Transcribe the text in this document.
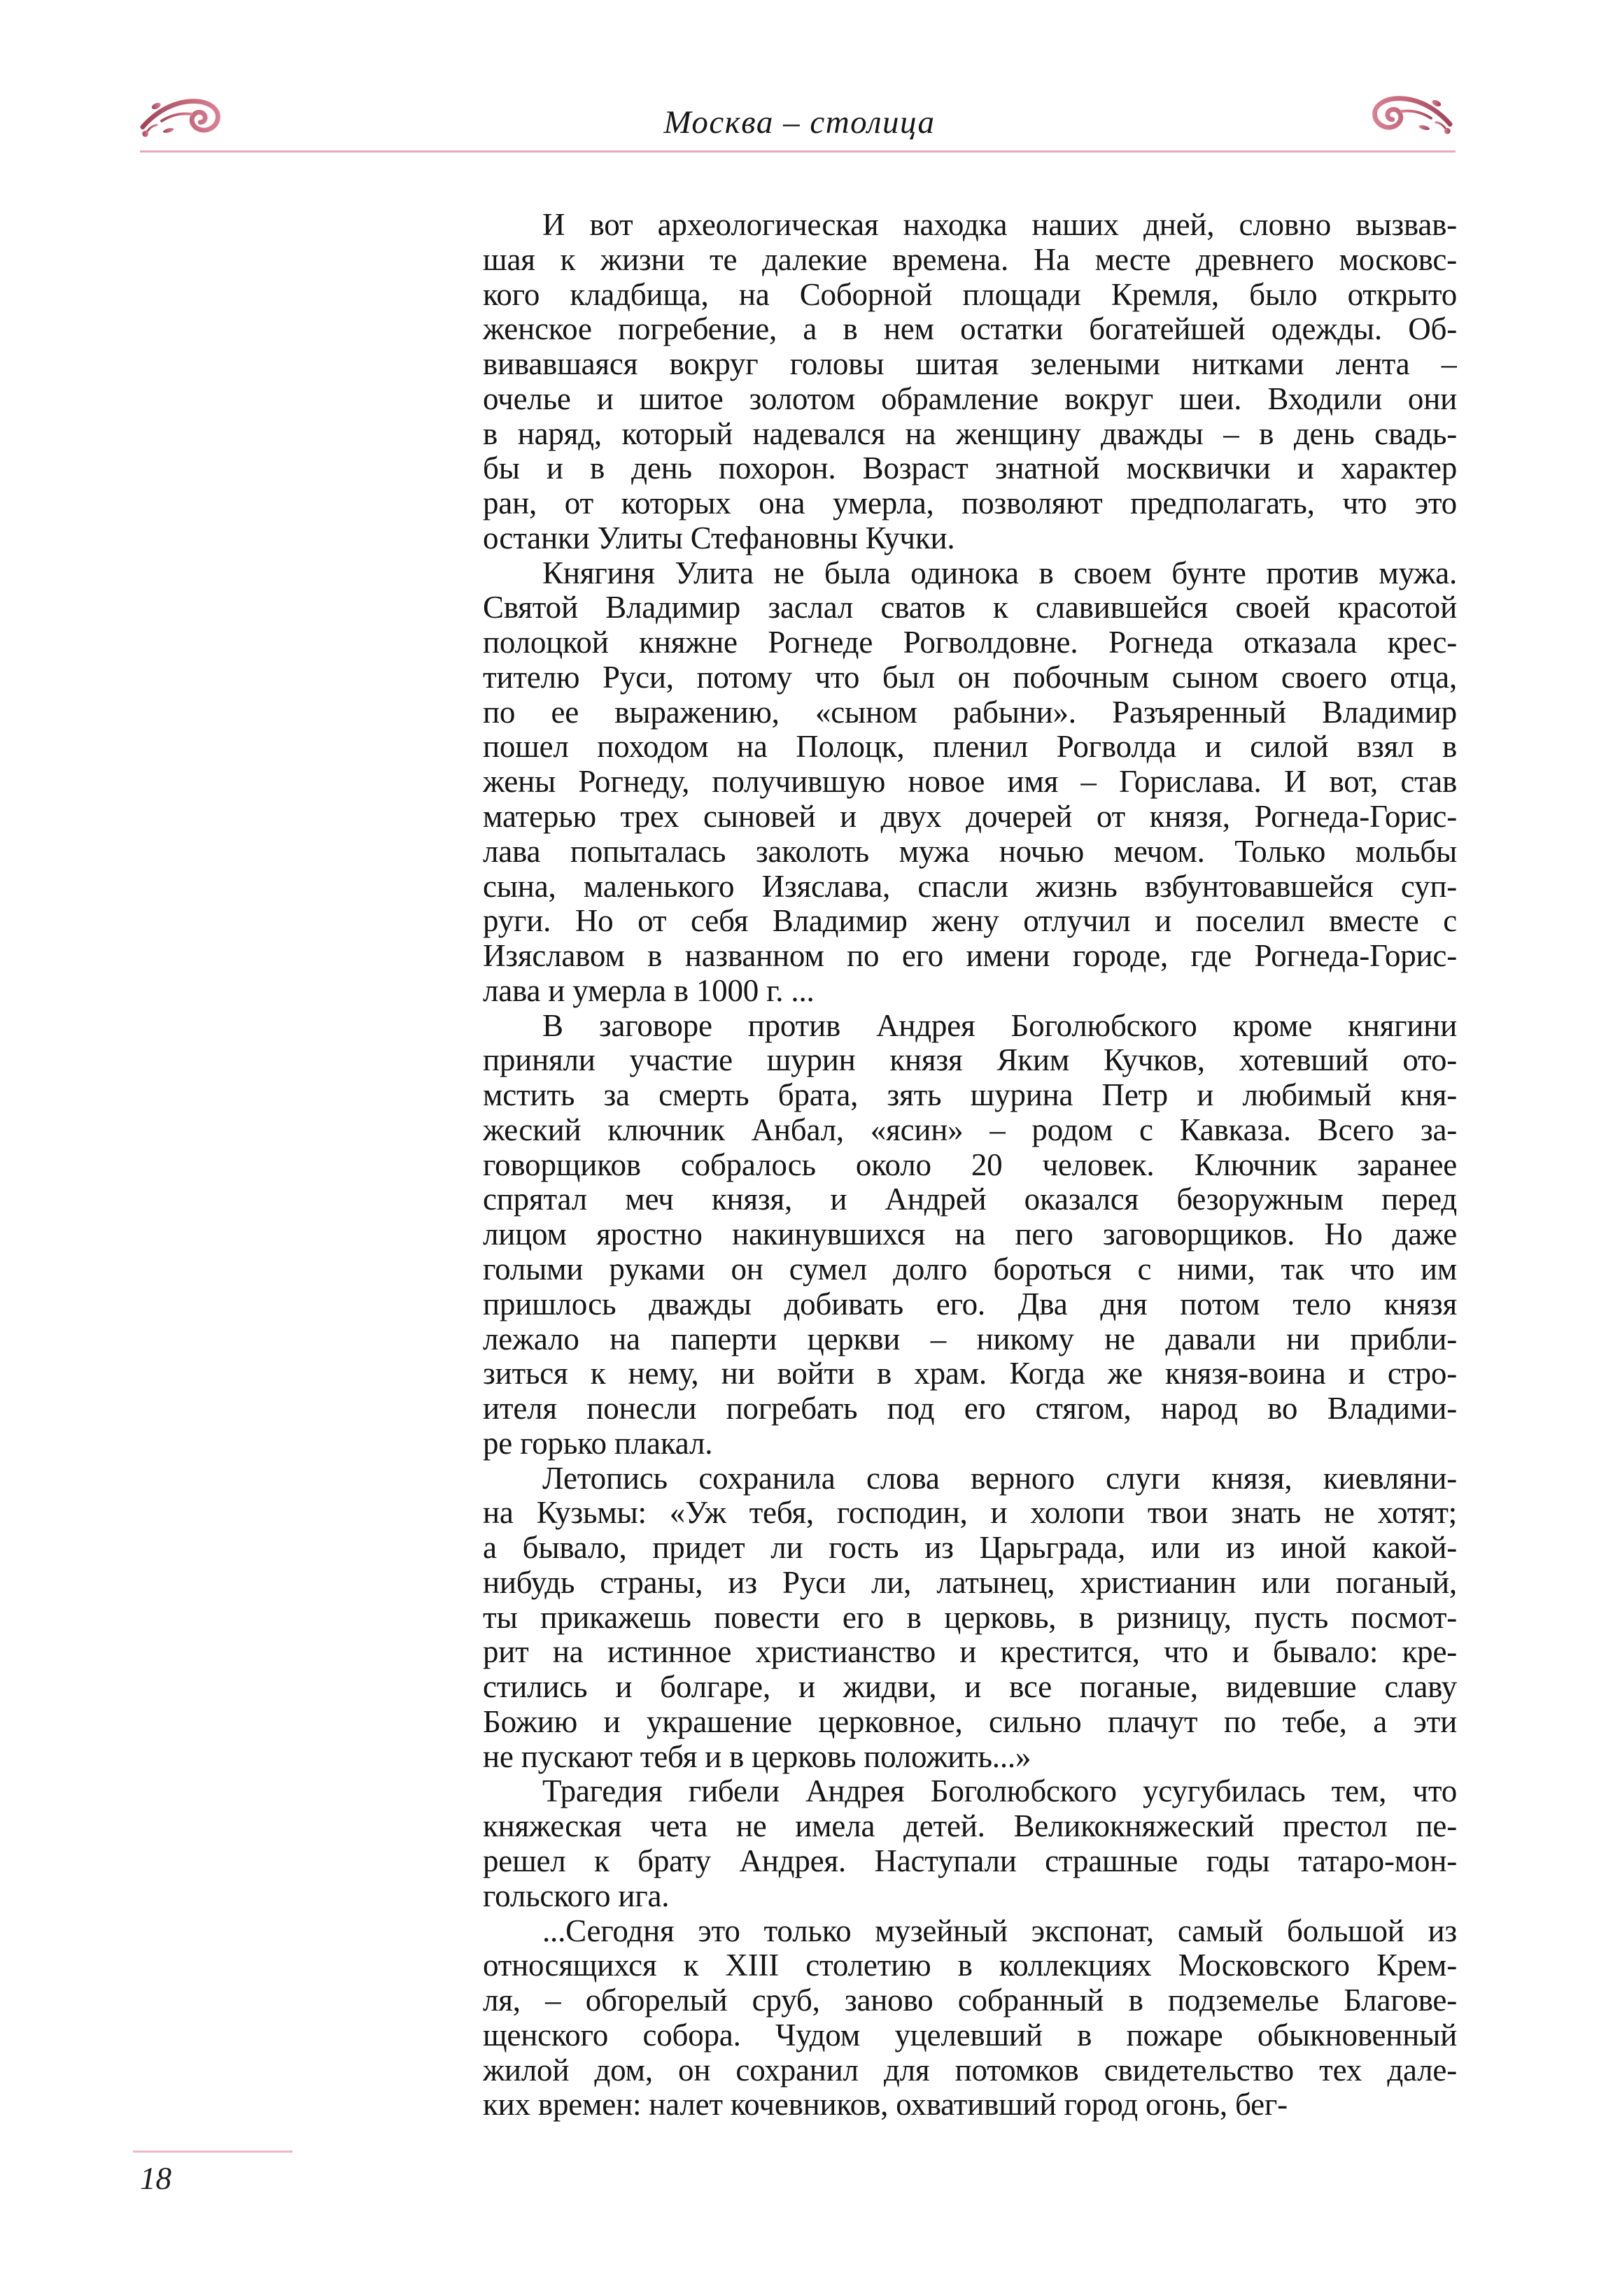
Москва – столица
И вот археологическая находка наших дней, словно вызвав-
шая к жизни те далекие времена. На месте древнего московс-
кого кладбища, на Соборной площади Кремля, было открыто
женское погребение, а в нем остатки богатейшей одежды. Об-
вивавшаяся вокруг головы шитая зелеными нитками лента –
очелье и шитое золотом обрамление вокруг шеи. Входили они
в наряд, который надевался на женщину дважды – в день свадь-
бы и в день похорон. Возраст знатной москвички и характер
ран, от которых она умерла, позволяют предполагать, что это
останки Улиты Стефановны Кучки.
Княгиня Улита не была одинока в своем бунте против мужа.
Святой Владимир заслал сватов к славившейся своей красотой
полоцкой княжне Рогнеде Рогволдовне. Рогнеда отказала крес-
тителю Руси, потому что был он побочным сыном своего отца,
по ее выражению, «сыном рабыни». Разъяренный Владимир
пошел походом на Полоцк, пленил Рогволда и силой взял в
жены Рогнеду, получившую новое имя – Горислава. И вот, став
матерью трех сыновей и двух дочерей от князя, Рогнеда-Горис-
лава попыталась заколоть мужа ночью мечом. Только мольбы
сына, маленького Изяслава, спасли жизнь взбунтовавшейся суп-
руги. Но от себя Владимир жену отлучил и поселил вместе с
Изяславом в названном по его имени городе, где Рогнеда-Горис-
лава и умерла в 1000 г. ...
В заговоре против Андрея Боголюбского кроме княгини
приняли участие шурин князя Яким Кучков, хотевший ото-
мстить за смерть брата, зять шурина Петр и любимый кня-
жеский ключник Анбал, «ясин» – родом с Кавказа. Всего за-
говорщиков собралось около 20 человек. Ключник заранее
спрятал меч князя, и Андрей оказался безоружным перед
лицом яростно накинувшихся на пего заговорщиков. Но даже
голыми руками он сумел долго бороться с ними, так что им
пришлось дважды добивать его. Два дня потом тело князя
лежало на паперти церкви – никому не давали ни прибли-
зиться к нему, ни войти в храм. Когда же князя-воина и стро-
ителя понесли погребать под его стягом, народ во Владими-
ре горько плакал.
Летопись сохранила слова верного слуги князя, киевляни-
на Кузьмы: «Уж тебя, господин, и холопи твои знать не хотят;
а бывало, придет ли гость из Царьграда, или из иной какой-
нибудь страны, из Руси ли, латынец, христианин или поганый,
ты прикажешь повести его в церковь, в ризницу, пусть посмот-
рит на истинное христианство и крестится, что и бывало: кре-
стились и болгаре, и жидви, и все поганые, видевшие славу
Божию и украшение церковное, сильно плачут по тебе, а эти
не пускают тебя и в церковь положить...»
Трагедия гибели Андрея Боголюбского усугубилась тем, что
княжеская чета не имела детей. Великокняжеский престол пе-
решел к брату Андрея. Наступали страшные годы татаро-мон-
гольского ига.
...Сегодня это только музейный экспонат, самый большой из
относящихся к XIII столетию в коллекциях Московского Крем-
ля, – обгорелый сруб, заново собранный в подземелье Благове-
щенского собора. Чудом уцелевший в пожаре обыкновенный
жилой дом, он сохранил для потомков свидетельство тех дале-
ких времен: налет кочевников, охвативший город огонь, бег-
18
